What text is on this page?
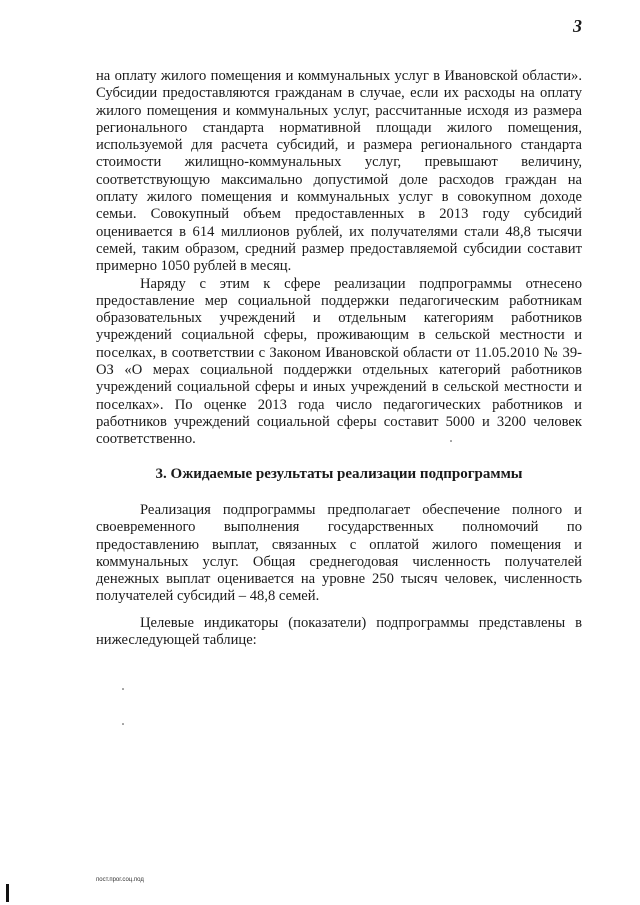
3

на оплату жилого помещения и коммунальных услуг в Ивановской области». Субсидии предоставляются гражданам в случае, если их расходы на оплату жилого помещения и коммунальных услуг, рассчитанные исходя из размера регионального стандарта нормативной площади жилого помещения, используемой для расчета субсидий, и размера регионального стандарта стоимости жилищно-коммунальных услуг, превышают величину, соответствующую максимально допустимой доле расходов граждан на оплату жилого помещения и коммунальных услуг в совокупном доходе семьи. Совокупный объем предоставленных в 2013 году субсидий оценивается в 614 миллионов рублей, их получателями стали 48,8 тысячи семей, таким образом, средний размер предоставляемой субсидии составит примерно 1050 рублей в месяц.

Наряду с этим к сфере реализации подпрограммы отнесено предоставление мер социальной поддержки педагогическим работникам образовательных учреждений и отдельным категориям работников учреждений социальной сферы, проживающим в сельской местности и поселках, в соответствии с Законом Ивановской области от 11.05.2010 № 39-ОЗ «О мерах социальной поддержки отдельных категорий работников учреждений социальной сферы и иных учреждений в сельской местности и поселках». По оценке 2013 года число педагогических работников и работников учреждений социальной сферы составит 5000 и 3200 человек соответственно.

3. Ожидаемые результаты реализации подпрограммы

Реализация подпрограммы предполагает обеспечение полного и своевременного выполнения государственных полномочий по предоставлению выплат, связанных с оплатой жилого помещения и коммунальных услуг. Общая среднегодовая численность получателей денежных выплат оценивается на уровне 250 тысяч человек, численность получателей субсидий – 48,8 семей.

Целевые индикаторы (показатели) подпрограммы представлены в нижеследующей таблице:

пост.прог.соц.под
